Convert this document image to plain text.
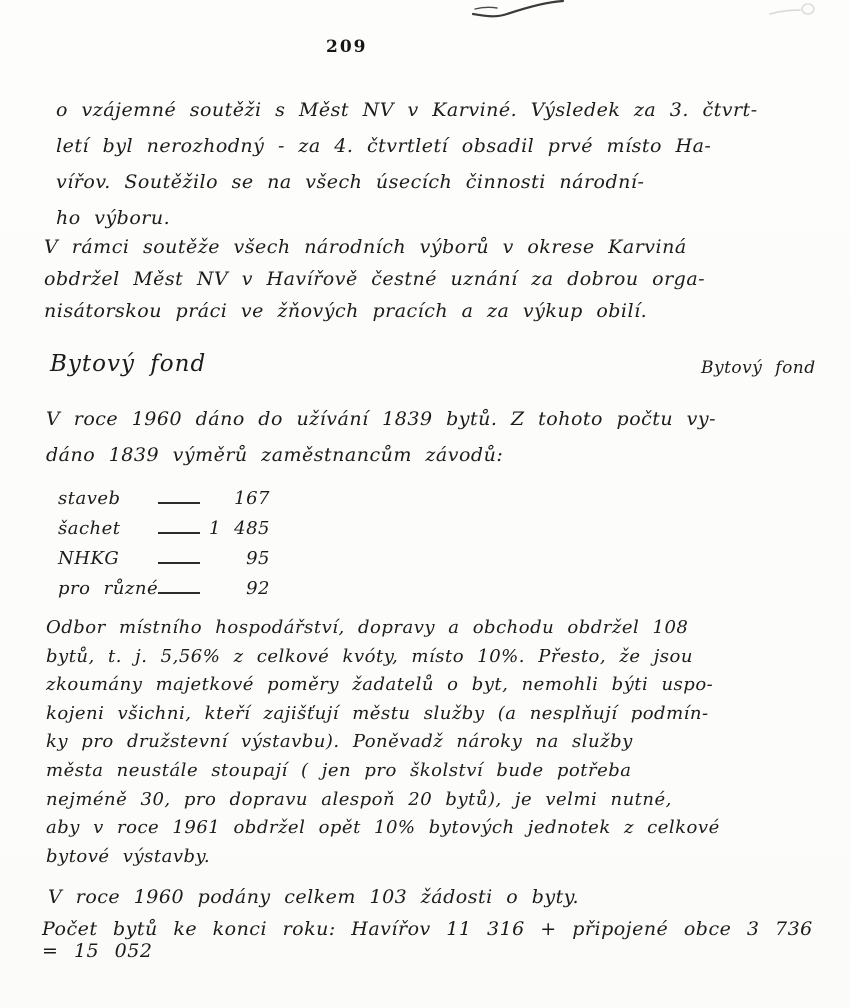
209
o vzájemné soutěži s Měst NV v Karviné. Výsledek za 3. čtvrt-
letí byl nerozhodný - za 4. čtvrtletí obsadil prvé místo Ha-
vířov. Soutěžilo se na všech úsecích činnosti národní-
ho výboru.
V rámci soutěže všech národních výborů v okrese Karviná
obdržel Měst NV v Havířově čestné uznání za dobrou orga-
nisátorskou práci ve žňových pracích a za výkup obilí.
Bytový fond	Bytový fond
V roce 1960 dáno do užívání 1839 bytů. Z tohoto počtu vy-
dáno 1839 výměrů zaměstnancům závodů:
staveb	167
šachet	1 485
NHKG	95
pro různé	92
Odbor místního hospodářství, dopravy a obchodu obdržel 108
bytů, t. j. 5,56% z celkové kvóty, místo 10%. Přesto, že jsou
zkoumány majetkové poměry žadatelů o byt, nemohli býti uspo-
kojeni všichni, kteří zajišťují městu služby (a nesplňují podmín-
ky pro družstevní výstavbu). Poněvadž nároky na služby
města neustále stoupají ( jen pro školství bude potřeba
nejméně 30, pro dopravu alespoň 20 bytů), je velmi nutné,
aby v roce 1961 obdržel opět 10% bytových jednotek z celkové
bytové výstavby.
V roce 1960 podány celkem 103 žádosti o byty.
Počet bytů ke konci roku: Havířov 11 316 + připojené obce 3 736 = 15 052
